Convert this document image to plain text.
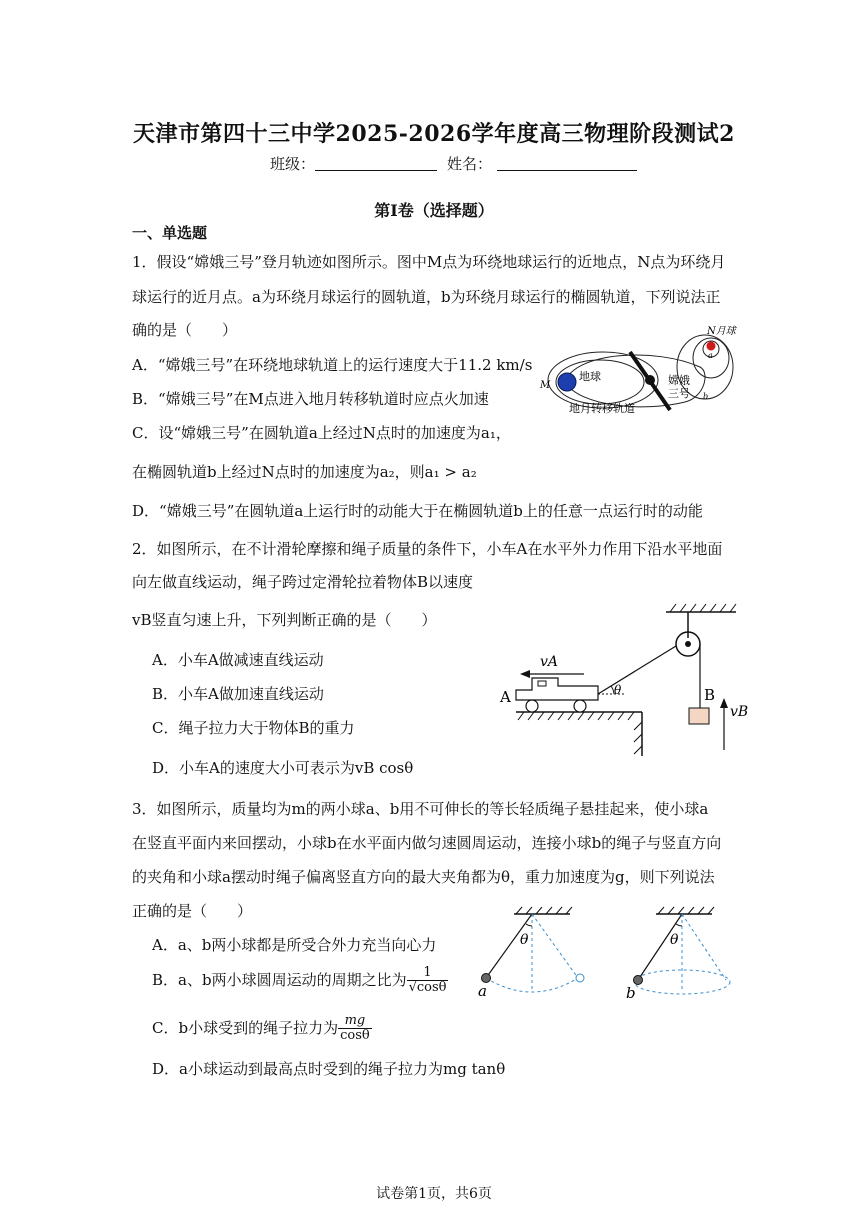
天津市第四十三中学2025-2026学年度高三物理阶段测试2
班级：	姓名：
第Ⅰ卷（选择题）
一、单选题
1．假设“嫦娥三号”登月轨迹如图所示。图中M点为环绕地球运行的近地点，N点为环绕月
球运行的近月点。a为环绕月球运行的圆轨道，b为环绕月球运行的椭圆轨道，下列说法正
确的是（　　）
A．“嫦娥三号”在环绕地球轨道上的运行速度大于11.2 km/s
B．“嫦娥三号”在M点进入地月转移轨道时应点火加速
C．设“嫦娥三号”在圆轨道a上经过N点时的加速度为a₁，
在椭圆轨道b上经过N点时的加速度为a₂，则a₁ > a₂
D．“嫦娥三号”在圆轨道a上运行时的动能大于在椭圆轨道b上的任意一点运行时的动能
N月球
a
b
M
地球
地月转移轨道
嫦娥
三号
2．如图所示，在不计滑轮摩擦和绳子质量的条件下，小车A在水平外力作用下沿水平地面
向左做直线运动，绳子跨过定滑轮拉着物体B以速度
vB竖直匀速上升，下列判断正确的是（　　）
A．小车A做减速直线运动
B．小车A做加速直线运动
C．绳子拉力大于物体B的重力
D．小车A的速度大小可表示为vB cosθ
B
vB
A
vA
θ
3．如图所示，质量均为m的两小球a、b用不可伸长的等长轻质绳子悬挂起来，使小球a
在竖直平面内来回摆动，小球b在水平面内做匀速圆周运动，连接小球b的绳子与竖直方向
的夹角和小球a摆动时绳子偏离竖直方向的最大夹角都为θ，重力加速度为g，则下列说法
正确的是（　　）
A．a、b两小球都是所受合外力充当向心力
B．a、b两小球圆周运动的周期之比为 $\frac{1}{√\cos\theta}$
C．b小球受到的绳子拉力为 $\frac{mg}{\cos\theta}$
D．a小球运动到最高点时受到的绳子拉力为mg tanθ
θ
a
θ
b
试卷第1页，共6页
